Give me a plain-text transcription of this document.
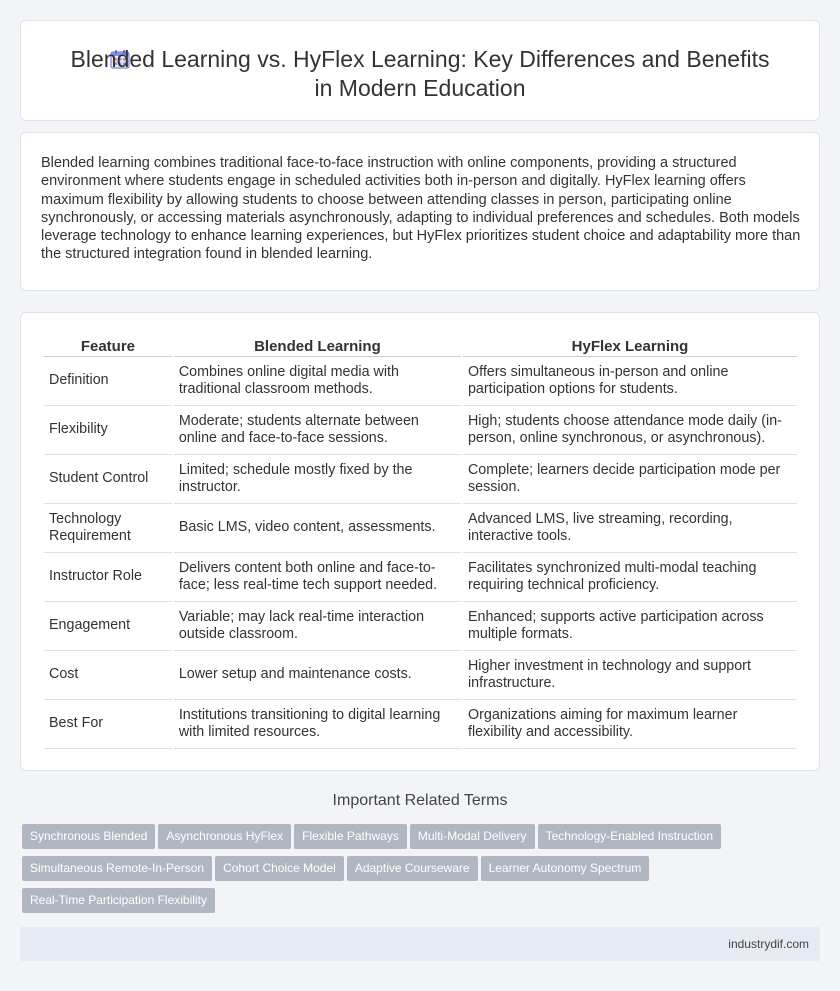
Blended Learning vs. HyFlex Learning: Key Differences and Benefits in Modern Education

Blended learning combines traditional face-to-face instruction with online components, providing a structured environment where students engage in scheduled activities both in-person and digitally. HyFlex learning offers maximum flexibility by allowing students to choose between attending classes in person, participating online synchronously, or accessing materials asynchronously, adapting to individual preferences and schedules. Both models leverage technology to enhance learning experiences, but HyFlex prioritizes student choice and adaptability more than the structured integration found in blended learning.

Feature	Blended Learning	HyFlex Learning
Definition	Combines online digital media with traditional classroom methods.	Offers simultaneous in-person and online participation options for students.
Flexibility	Moderate; students alternate between online and face-to-face sessions.	High; students choose attendance mode daily (in-person, online synchronous, or asynchronous).
Student Control	Limited; schedule mostly fixed by the instructor.	Complete; learners decide participation mode per session.
Technology Requirement	Basic LMS, video content, assessments.	Advanced LMS, live streaming, recording, interactive tools.
Instructor Role	Delivers content both online and face-to-face; less real-time tech support needed.	Facilitates synchronized multi-modal teaching requiring technical proficiency.
Engagement	Variable; may lack real-time interaction outside classroom.	Enhanced; supports active participation across multiple formats.
Cost	Lower setup and maintenance costs.	Higher investment in technology and support infrastructure.
Best For	Institutions transitioning to digital learning with limited resources.	Organizations aiming for maximum learner flexibility and accessibility.
Important Related Terms
Synchronous Blended Asynchronous HyFlex Flexible Pathways Multi-Modal Delivery Technology-Enabled InstructionSimultaneous Remote-In-Person Cohort Choice Model Adaptive Courseware Learner Autonomy SpectrumReal-Time Participation Flexibility
industrydif.com
